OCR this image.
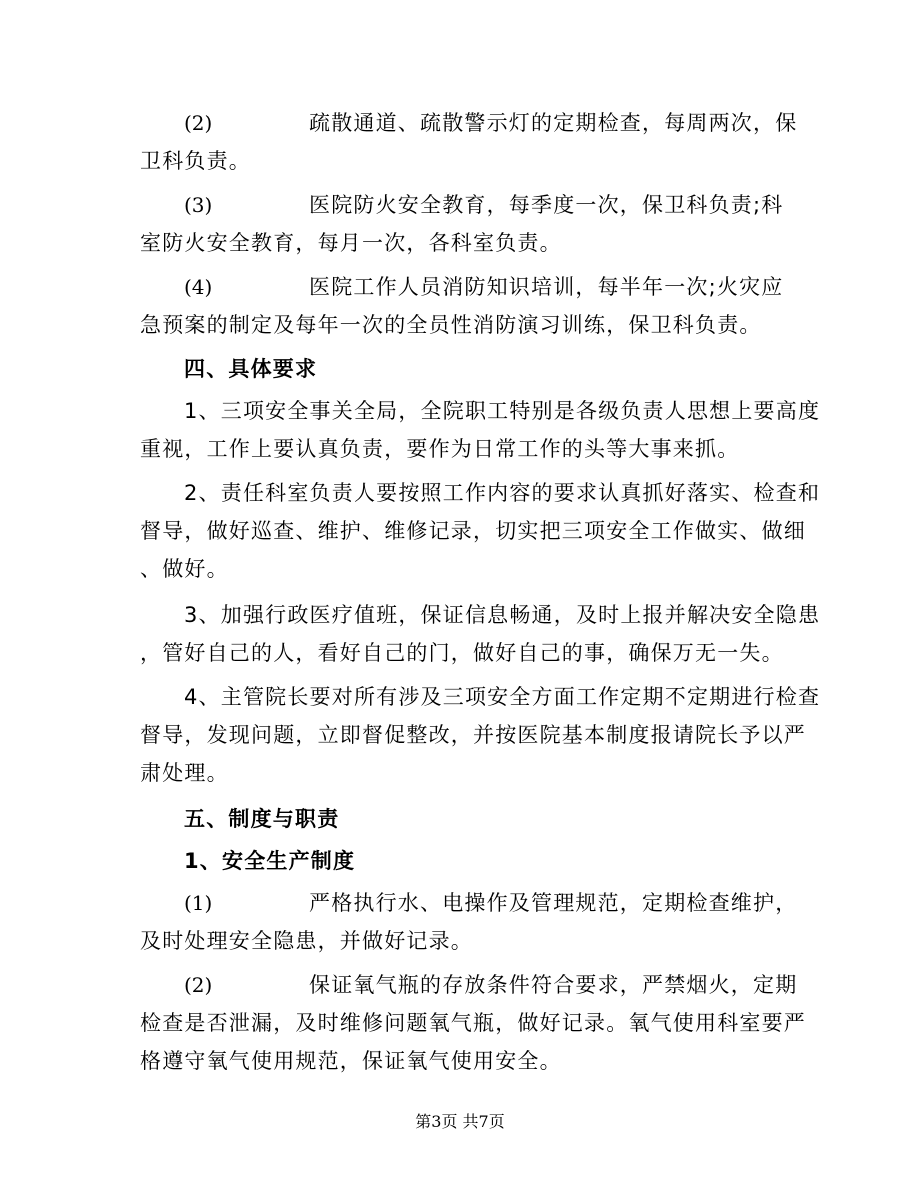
(2)	疏散通道、疏散警示灯的定期检查，每周两次，保
卫科负责。
(3)	医院防火安全教育，每季度一次，保卫科负责;科
室防火安全教育，每月一次，各科室负责。
(4)	医院工作人员消防知识培训，每半年一次;火灾应
急预案的制定及每年一次的全员性消防演习训练，保卫科负责。
四、具体要求
1、三项安全事关全局，全院职工特别是各级负责人思想上要高度
重视，工作上要认真负责，要作为日常工作的头等大事来抓。
2、责任科室负责人要按照工作内容的要求认真抓好落实、检查和
督导，做好巡查、维护、维修记录，切实把三项安全工作做实、做细
、做好。
3、加强行政医疗值班，保证信息畅通，及时上报并解决安全隐患
，管好自己的人，看好自己的门，做好自己的事，确保万无一失。
4、主管院长要对所有涉及三项安全方面工作定期不定期进行检查
督导，发现问题，立即督促整改，并按医院基本制度报请院长予以严
肃处理。
五、制度与职责
1、安全生产制度
(1)	严格执行水、电操作及管理规范，定期检查维护，
及时处理安全隐患，并做好记录。
(2)	保证氧气瓶的存放条件符合要求，严禁烟火，定期
检查是否泄漏，及时维修问题氧气瓶，做好记录。氧气使用科室要严
格遵守氧气使用规范，保证氧气使用安全。
第3页 共7页
